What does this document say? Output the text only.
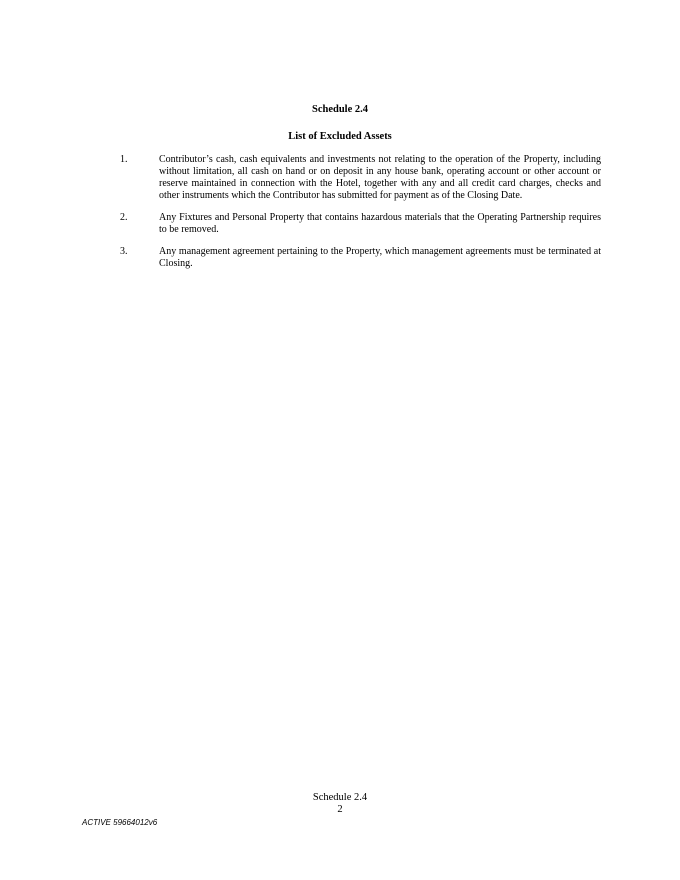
Schedule 2.4
List of Excluded Assets
1.	Contributor’s cash, cash equivalents and investments not relating to the operation of the Property, including without limitation, all cash on hand or on deposit in any house bank, operating account or other account or reserve maintained in connection with the Hotel, together with any and all credit card charges, checks and other instruments which the Contributor has submitted for payment as of the Closing Date.

2.	Any Fixtures and Personal Property that contains hazardous materials that the Operating Partnership requires to be removed.

3.	Any management agreement pertaining to the Property, which management agreements must be terminated at Closing.

Schedule 2.4
2
ACTIVE 59664012v6
